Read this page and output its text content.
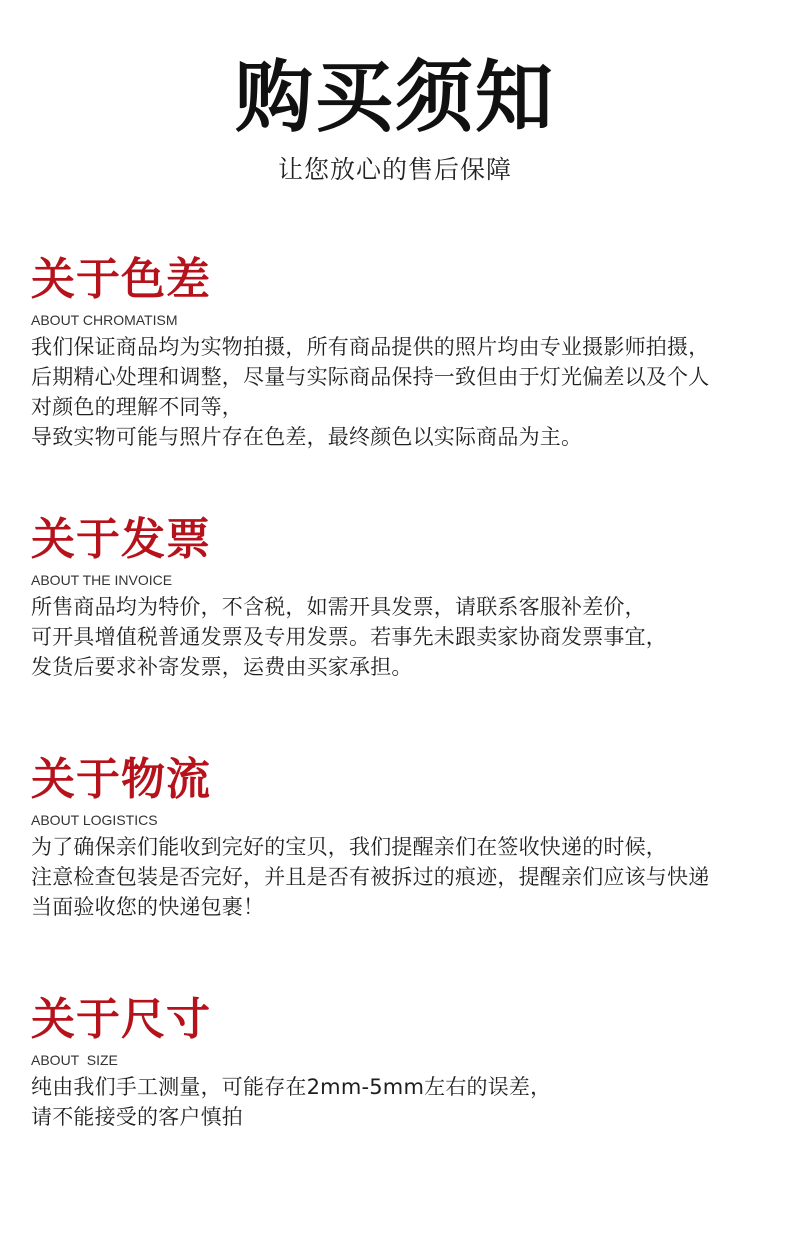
购买须知
让您放心的售后保障
关于色差
ABOUT CHROMATISM
我们保证商品均为实物拍摄，所有商品提供的照片均由专业摄影师拍摄，
后期精心处理和调整，尽量与实际商品保持一致但由于灯光偏差以及个人
对颜色的理解不同等，
导致实物可能与照片存在色差，最终颜色以实际商品为主。
关于发票
ABOUT THE INVOICE
所售商品均为特价，不含税，如需开具发票，请联系客服补差价，
可开具增值税普通发票及专用发票。若事先未跟卖家协商发票事宜，
发货后要求补寄发票，运费由买家承担。
关于物流
ABOUT LOGISTICS
为了确保亲们能收到完好的宝贝，我们提醒亲们在签收快递的时候，
注意检查包装是否完好，并且是否有被拆过的痕迹，提醒亲们应该与快递
当面验收您的快递包裹！
关于尺寸
ABOUT  SIZE
纯由我们手工测量，可能存在2mm-5mm左右的误差，
请不能接受的客户慎拍
